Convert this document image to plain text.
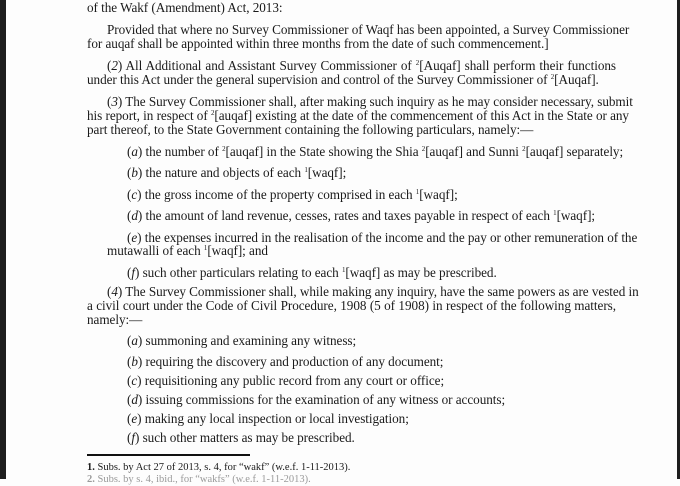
of the Wakf (Amendment) Act, 2013:
Provided that where no Survey Commissioner of Waqf has been appointed, a Survey Commissioner
for auqaf shall be appointed within three months from the date of such commencement.]
(2) All Additional and Assistant Survey Commissioner of $^2$[Auqaf] shall perform their functions
under this Act under the general supervision and control of the Survey Commissioner of $^2$[Auqaf].
(3) The Survey Commissioner shall, after making such inquiry as he may consider necessary, submit
his report, in respect of $^2$[auqaf] existing at the date of the commencement of this Act in the State or any
part thereof, to the State Government containing the following particulars, namely:—
(a) the number of $^2$[auqaf] in the State showing the Shia $^2$[auqaf] and Sunni $^2$[auqaf] separately;
(b) the nature and objects of each $^1$[waqf];
(c) the gross income of the property comprised in each $^1$[waqf];
(d) the amount of land revenue, cesses, rates and taxes payable in respect of each $^1$[waqf];
(e) the expenses incurred in the realisation of the income and the pay or other remuneration of the
mutawalli of each $^1$[waqf]; and
(f) such other particulars relating to each $^1$[waqf] as may be prescribed.
(4) The Survey Commissioner shall, while making any inquiry, have the same powers as are vested in
a civil court under the Code of Civil Procedure, 1908 (5 of 1908) in respect of the following matters,
namely:—
(a) summoning and examining any witness;
(b) requiring the discovery and production of any document;
(c) requisitioning any public record from any court or office;
(d) issuing commissions for the examination of any witness or accounts;
(e) making any local inspection or local investigation;
(f) such other matters as may be prescribed.
1. Subs. by Act 27 of 2013, s. 4, for “wakf” (w.e.f. 1-11-2013).
2. Subs. by s. 4, ibid., for “wakfs” (w.e.f. 1-11-2013).
